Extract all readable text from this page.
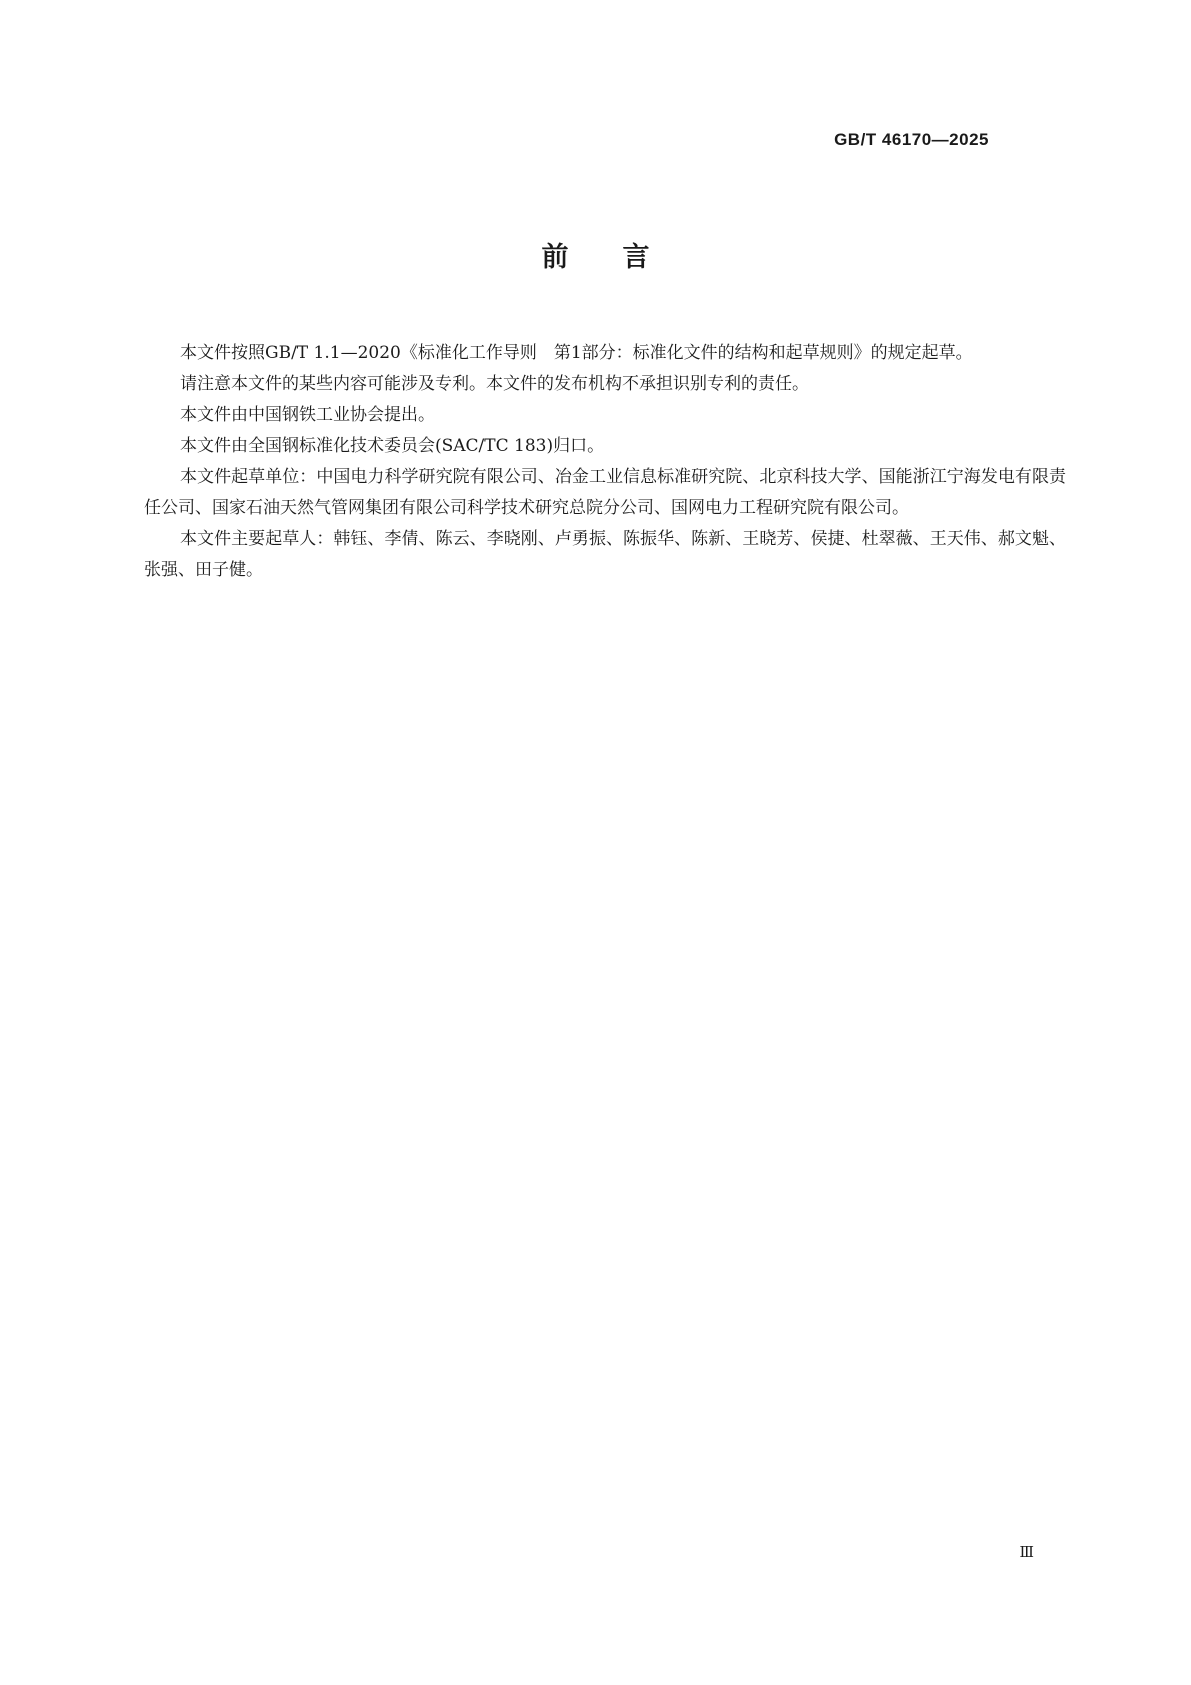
GB/T 46170—2025
前 言

本文件按照GB/T 1.1—2020《标准化工作导则　第1部分：标准化文件的结构和起草规则》的规定起草。

请注意本文件的某些内容可能涉及专利。本文件的发布机构不承担识别专利的责任。

本文件由中国钢铁工业协会提出。

本文件由全国钢标准化技术委员会(SAC/TC 183)归口。

本文件起草单位：中国电力科学研究院有限公司、冶金工业信息标准研究院、北京科技大学、国能浙江宁海发电有限责任公司、国家石油天然气管网集团有限公司科学技术研究总院分公司、国网电力工程研究院有限公司。

本文件主要起草人：韩钰、李倩、陈云、李晓刚、卢勇振、陈振华、陈新、王晓芳、侯捷、杜翠薇、王天伟、郝文魁、张强、田子健。

Ⅲ
